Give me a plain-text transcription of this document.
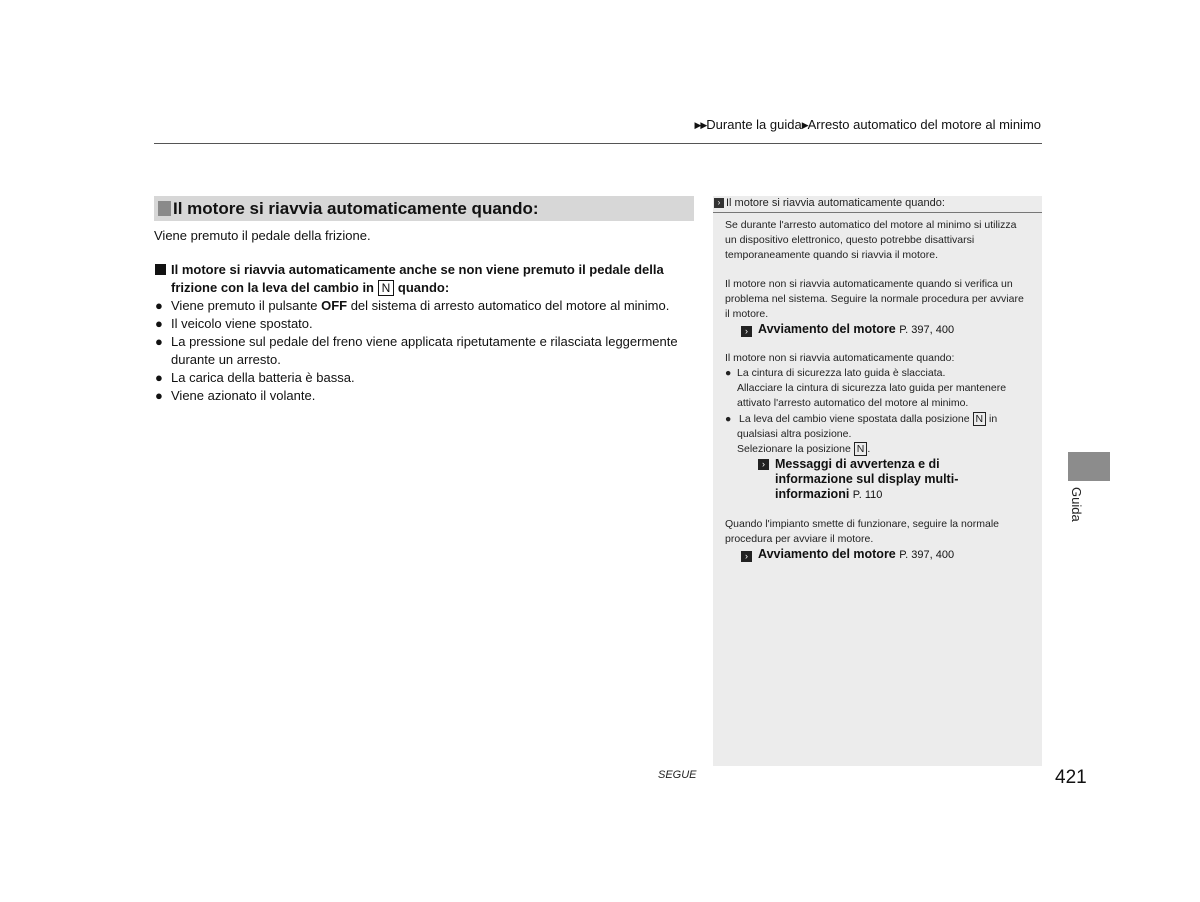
▶▶Durante la guida▶Arresto automatico del motore al minimo
Il motore si riavvia automaticamente quando:
Viene premuto il pedale della frizione.
Il motore si riavvia automaticamente anche se non viene premuto il pedale della frizione con la leva del cambio in N quando:
● Viene premuto il pulsante OFF del sistema di arresto automatico del motore al minimo.
● Il veicolo viene spostato.
● La pressione sul pedale del freno viene applicata ripetutamente e rilasciata leggermente durante un arresto.
● La carica della batteria è bassa.
● Viene azionato il volante.
› Il motore si riavvia automaticamente quando:
Se durante l'arresto automatico del motore al minimo si utilizza un dispositivo elettronico, questo potrebbe disattivarsi temporaneamente quando si riavvia il motore.
Il motore non si riavvia automaticamente quando si verifica un problema nel sistema. Seguire la normale procedura per avviare il motore.
› Avviamento del motore P. 397, 400
Il motore non si riavvia automaticamente quando:
● La cintura di sicurezza lato guida è slacciata.
Allacciare la cintura di sicurezza lato guida per mantenere attivato l'arresto automatico del motore al minimo.
● La leva del cambio viene spostata dalla posizione N in
qualsiasi altra posizione.
Selezionare la posizione N .
› Messaggi di avvertenza e di informazione sul display multi-informazioni P. 110
Quando l'impianto smette di funzionare, seguire la normale procedura per avviare il motore.
› Avviamento del motore P. 397, 400
Guida
SEGUE	421
